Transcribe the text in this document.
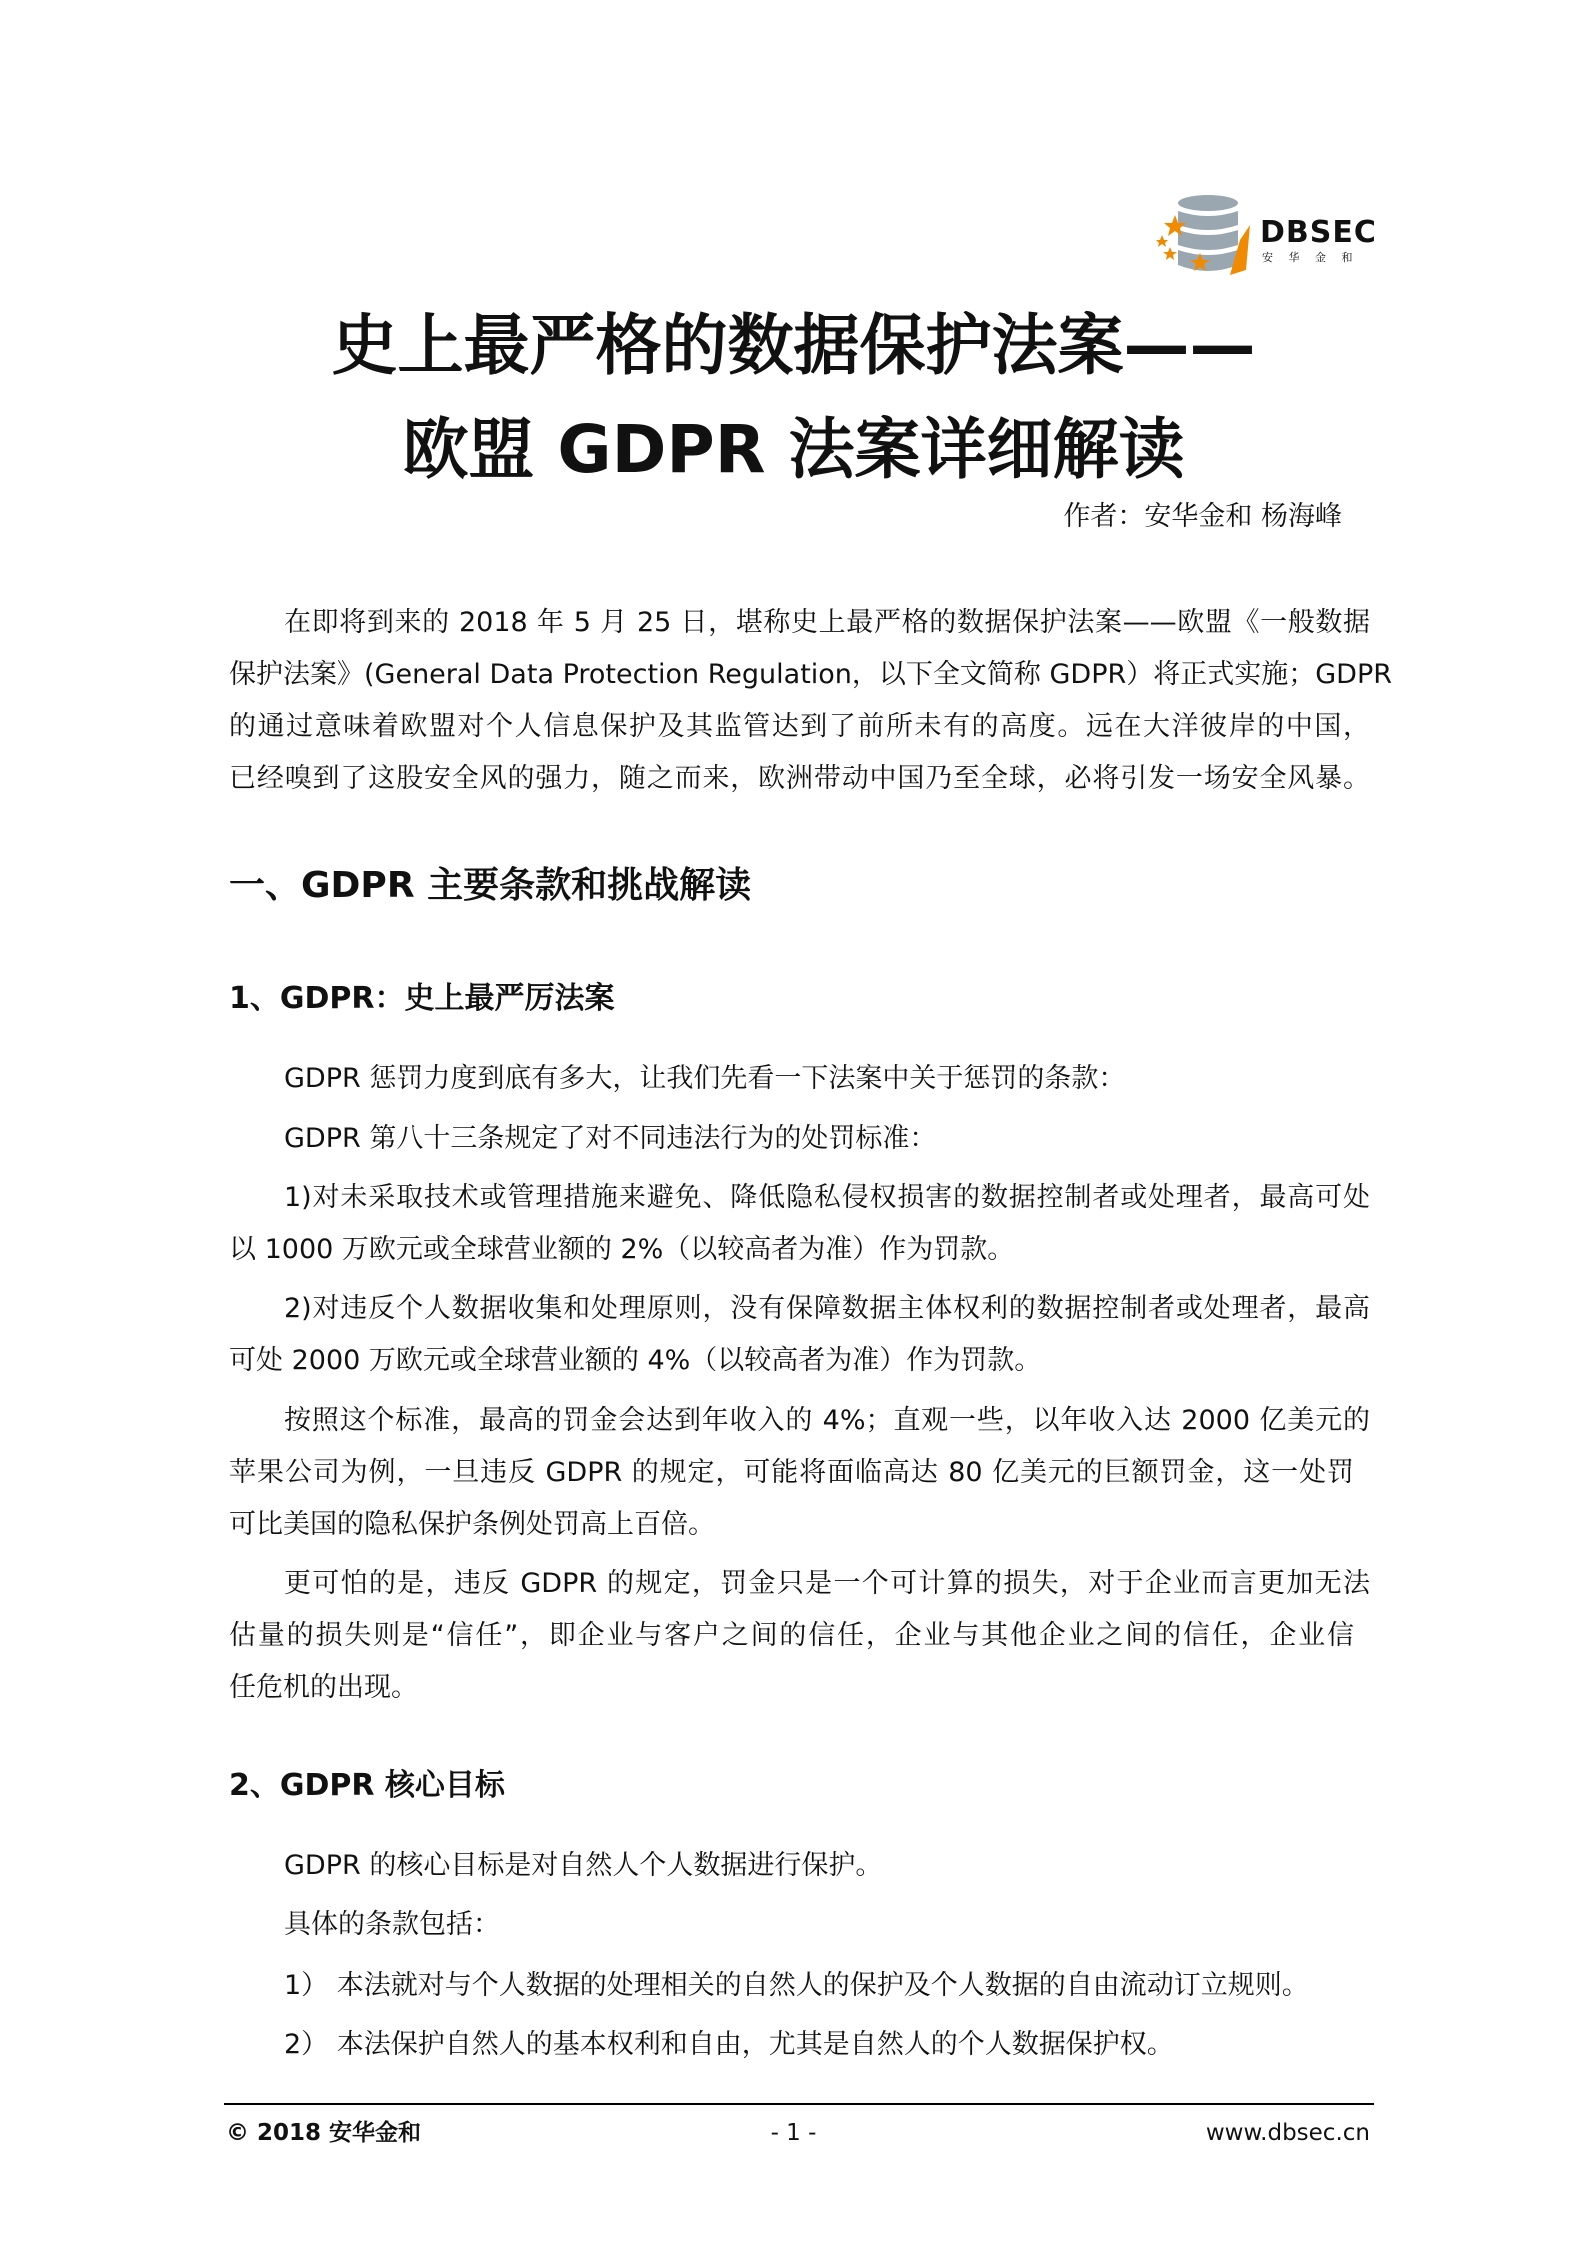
DBSEC
安 华 金 和
史上最严格的数据保护法案——
欧盟 GDPR 法案详细解读
作者：安华金和 杨海峰
在即将到来的 2018 年 5 月 25 日，堪称史上最严格的数据保护法案——欧盟《一般数据
保护法案》(General Data Protection Regulation，以下全文简称 GDPR）将正式实施；GDPR
的通过意味着欧盟对个人信息保护及其监管达到了前所未有的高度。远在大洋彼岸的中国，
已经嗅到了这股安全风的强力，随之而来，欧洲带动中国乃至全球，必将引发一场安全风暴。
一、GDPR 主要条款和挑战解读
1、GDPR：史上最严厉法案
GDPR 惩罚力度到底有多大，让我们先看一下法案中关于惩罚的条款：
GDPR 第八十三条规定了对不同违法行为的处罚标准：
1)对未采取技术或管理措施来避免、降低隐私侵权损害的数据控制者或处理者，最高可处
以 1000 万欧元或全球营业额的 2%（以较高者为准）作为罚款。
2)对违反个人数据收集和处理原则，没有保障数据主体权利的数据控制者或处理者，最高
可处 2000 万欧元或全球营业额的 4%（以较高者为准）作为罚款。
按照这个标准，最高的罚金会达到年收入的 4%；直观一些，以年收入达 2000 亿美元的
苹果公司为例，一旦违反 GDPR 的规定，可能将面临高达 80 亿美元的巨额罚金，这一处罚
可比美国的隐私保护条例处罚高上百倍。
更可怕的是，违反 GDPR 的规定，罚金只是一个可计算的损失，对于企业而言更加无法
估量的损失则是“信任”，即企业与客户之间的信任，企业与其他企业之间的信任，企业信
任危机的出现。
2、GDPR 核心目标
GDPR 的核心目标是对自然人个人数据进行保护。
具体的条款包括：
1） 本法就对与个人数据的处理相关的自然人的保护及个人数据的自由流动订立规则。
2） 本法保护自然人的基本权利和自由，尤其是自然人的个人数据保护权。
© 2018 安华金和	- 1 -	www.dbsec.cn
